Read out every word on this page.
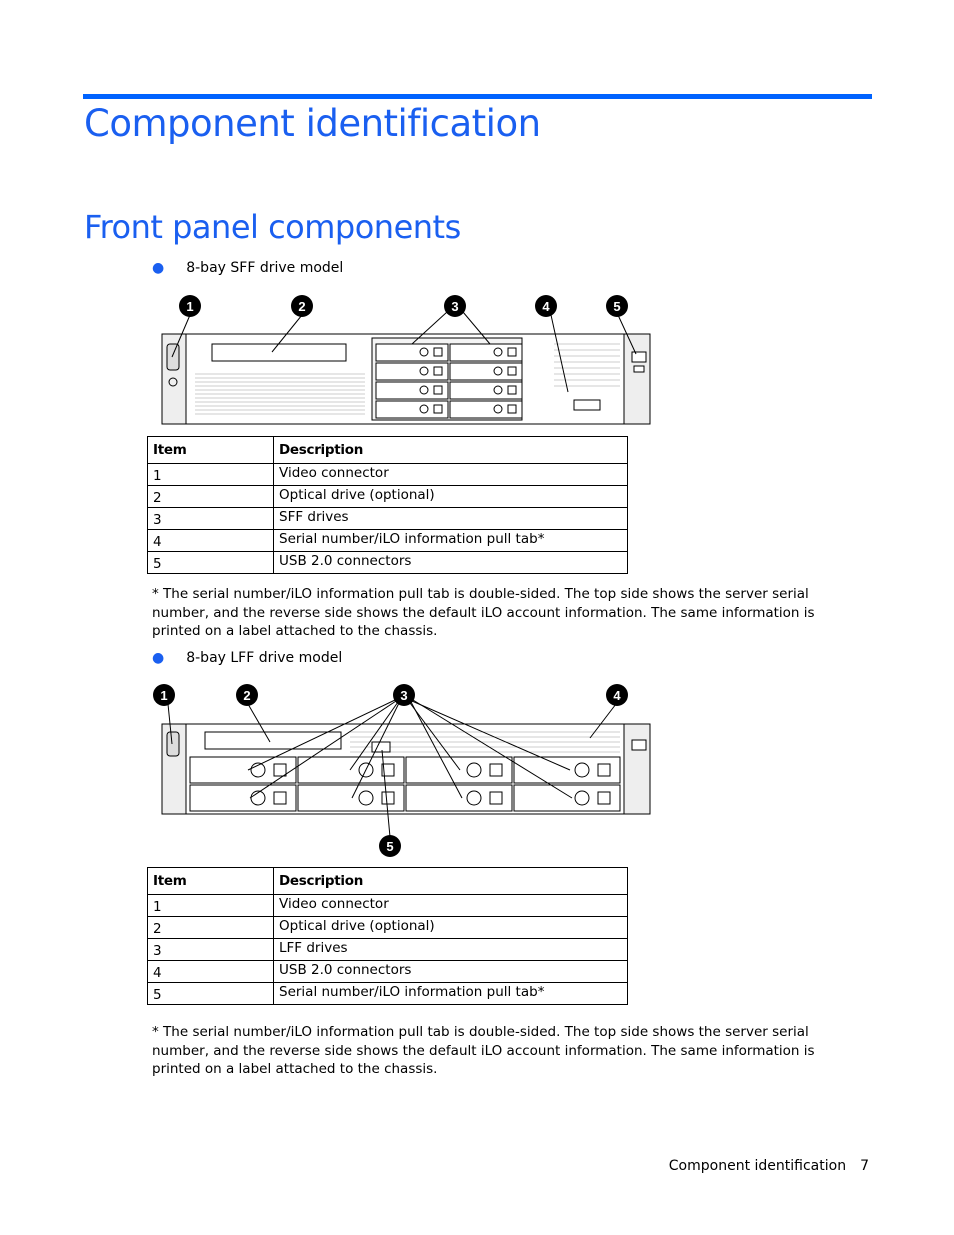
Component identification
Front panel components
● 8-bay SFF drive model
1	2	3	4	5
Item	Description
1	Video connector
2	Optical drive (optional)
3	SFF drives
4	Serial number/iLO information pull tab*
5	USB 2.0 connectors
* The serial number/iLO information pull tab is double-sided. The top side shows the server serial number, and the reverse side shows the default iLO account information. The same information is printed on a label attached to the chassis.
● 8-bay LFF drive model
1	2	3	4
5
Item	Description
1	Video connector
2	Optical drive (optional)
3	LFF drives
4	USB 2.0 connectors
5	Serial number/iLO information pull tab*
* The serial number/iLO information pull tab is double-sided. The top side shows the server serial number, and the reverse side shows the default iLO account information. The same information is printed on a label attached to the chassis.
Component identification 7
